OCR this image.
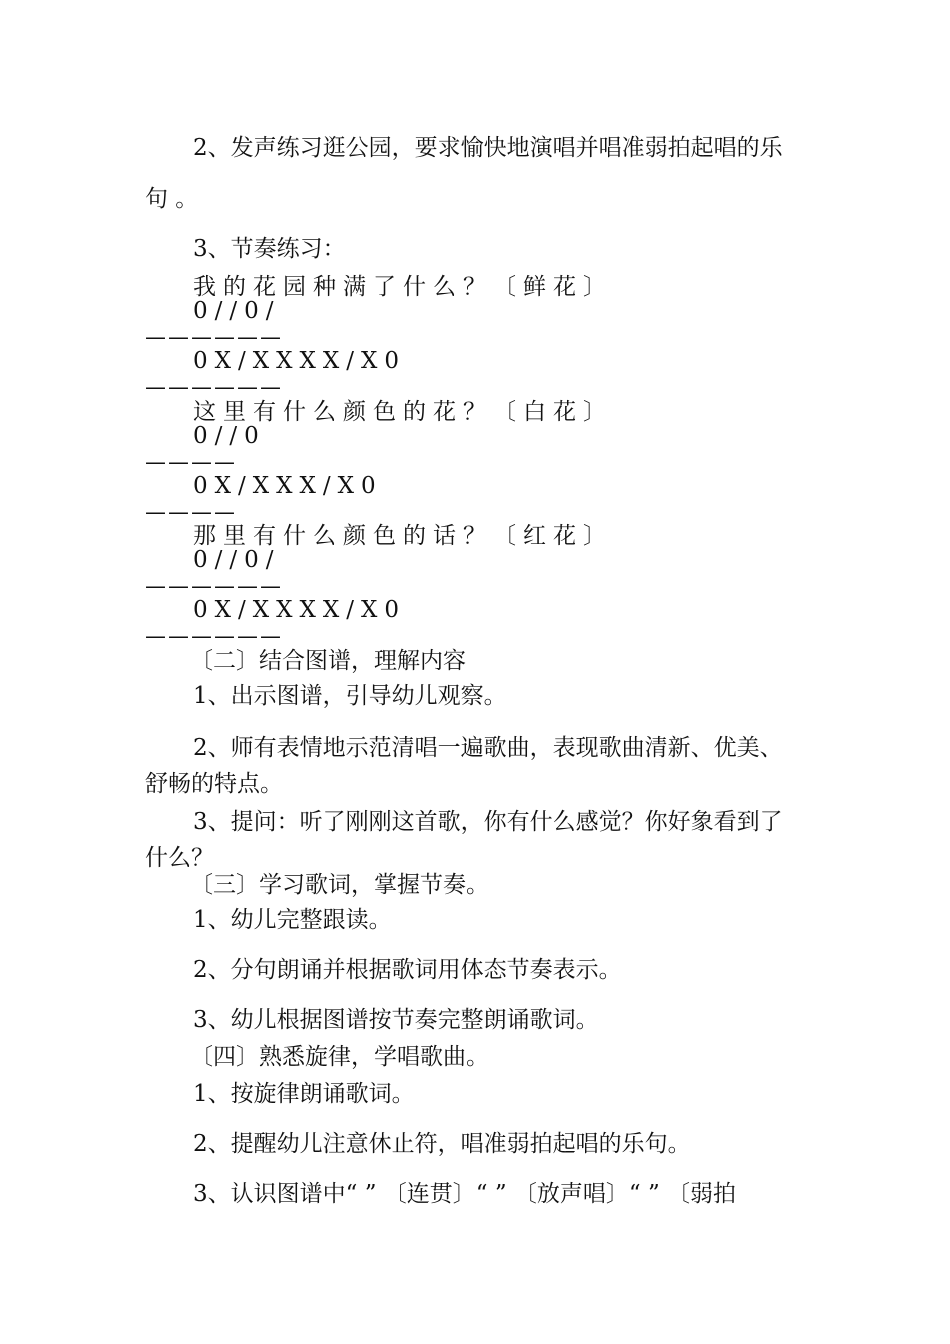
2、发声练习逛公园，要求愉快地演唱并唱准弱拍起唱的乐
句 。
3、节奏练习：
我的花园种满了什么？〔鲜花〕
0//0/
——————
0X/XXXX/X0
——————
这里有什么颜色的花？〔白花〕
0//0
————
0X/XXX/X0
————
那里有什么颜色的话？〔红花〕
0//0/
——————
0X/XXXX/X0
——————
〔二〕结合图谱，理解内容
1、出示图谱，引导幼儿观察。
2、师有表情地示范清唱一遍歌曲，表现歌曲清新、优美、
舒畅的特点。
3、提问：听了刚刚这首歌，你有什么感觉？你好象看到了
什么？
〔三〕学习歌词，掌握节奏。
1、幼儿完整跟读。
2、分句朗诵并根据歌词用体态节奏表示。
3、幼儿根据图谱按节奏完整朗诵歌词。
〔四〕熟悉旋律，学唱歌曲。
1、按旋律朗诵歌词。
2、提醒幼儿注意休止符，唱准弱拍起唱的乐句。
3、认识图谱中“ ” 〔连贯〕“ ” 〔放声唱〕“ ” 〔弱拍
